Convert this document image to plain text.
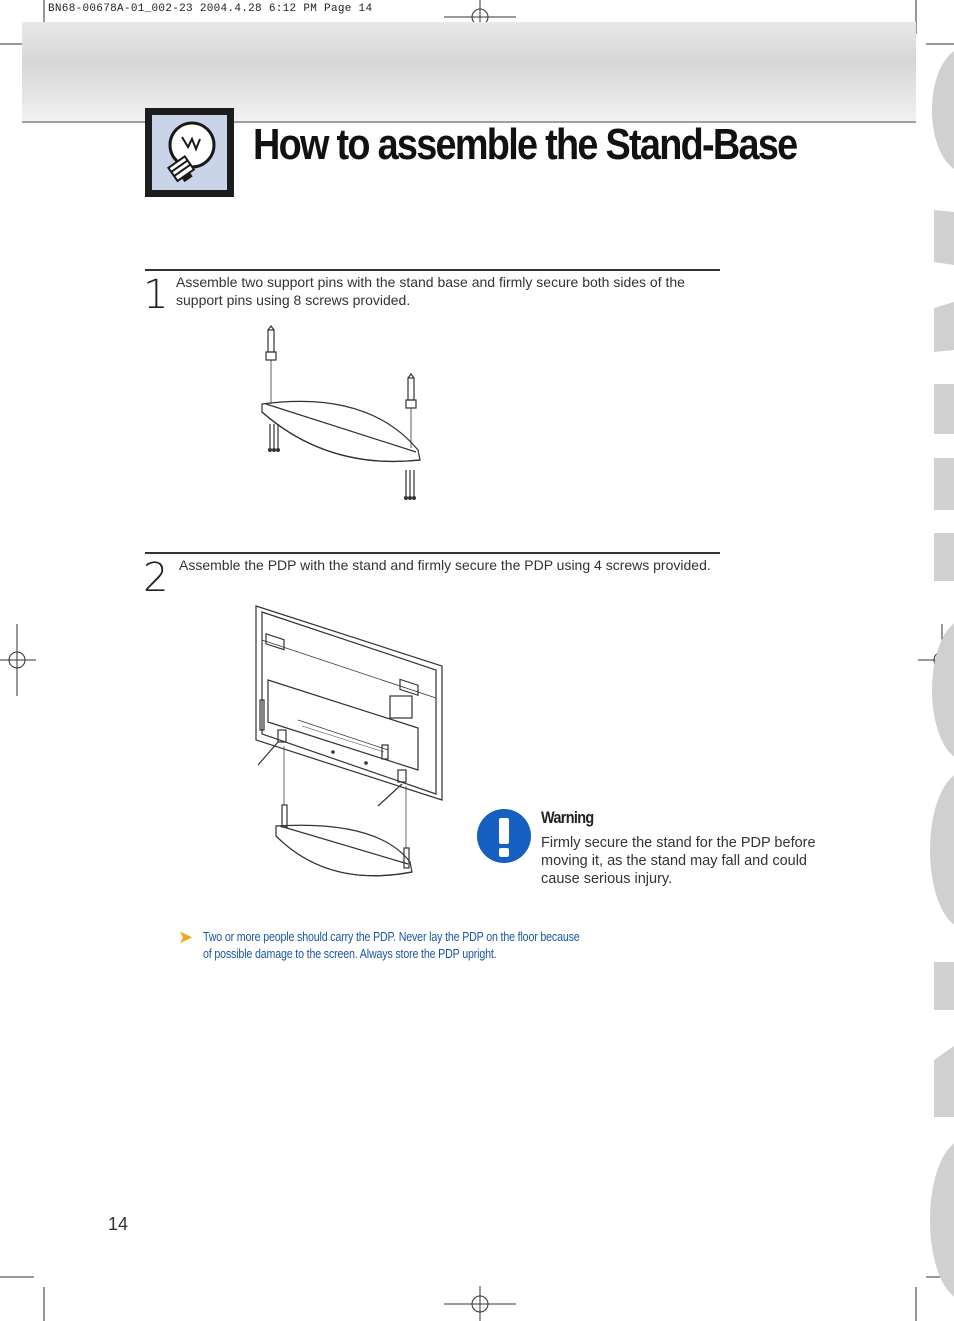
BN68-00678A-01_002-23 2004.4.28 6:12 PM Page 14
How to assemble the Stand-Base
1 Assemble two support pins with the stand base and firmly secure both sides of the support pins using 8 screws provided.
2 Assemble the PDP with the stand and firmly secure the PDP using 4 screws provided.
Warning
Firmly secure the stand for the PDP before moving it, as the stand may fall and could cause serious injury.
➤ Two or more people should carry the PDP. Never lay the PDP on the floor because of possible damage to the screen. Always store the PDP upright.
14
